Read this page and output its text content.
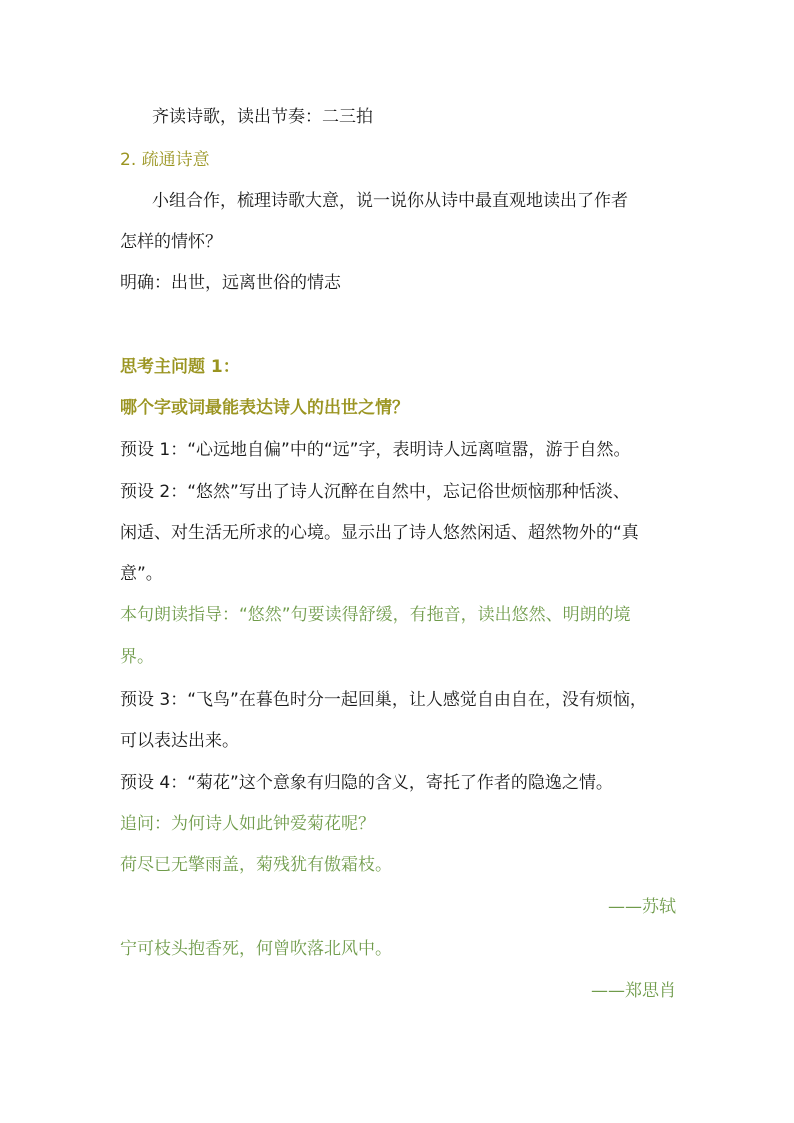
齐读诗歌，读出节奏：二三拍
2. 疏通诗意
小组合作，梳理诗歌大意，说一说你从诗中最直观地读出了作者
怎样的情怀？
明确：出世，远离世俗的情志
思考主问题 1：
哪个字或词最能表达诗人的出世之情？
预设 1：“心远地自偏”中的“远”字，表明诗人远离喧嚣，游于自然。
预设 2：“悠然”写出了诗人沉醉在自然中，忘记俗世烦恼那种恬淡、
闲适、对生活无所求的心境。显示出了诗人悠然闲适、超然物外的“真
意”。
本句朗读指导：“悠然”句要读得舒缓，有拖音，读出悠然、明朗的境
界。
预设 3：“飞鸟”在暮色时分一起回巢，让人感觉自由自在，没有烦恼，
可以表达出来。
预设 4：“菊花”这个意象有归隐的含义，寄托了作者的隐逸之情。
追问：为何诗人如此钟爱菊花呢？
荷尽已无擎雨盖，菊残犹有傲霜枝。
——苏轼
宁可枝头抱香死，何曾吹落北风中。
——郑思肖
